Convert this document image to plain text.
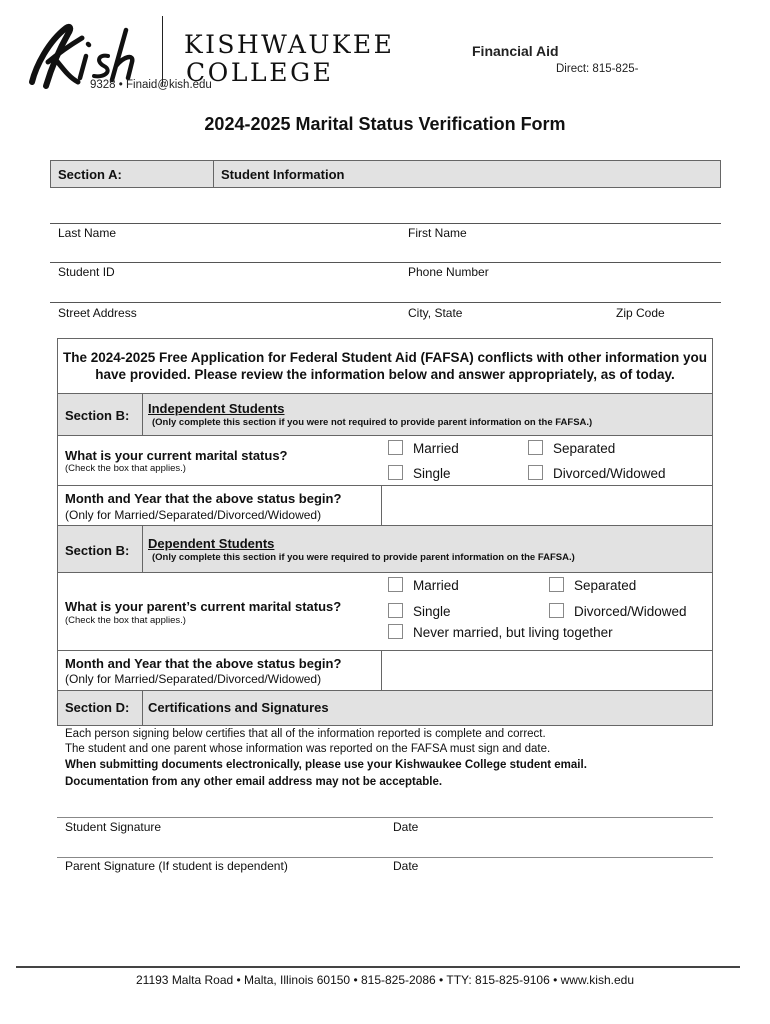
KISHWAUKEE
COLLEGE
Financial Aid
Direct: 815-825-
9328 • Finaid@kish.edu
2024-2025 Marital Status Verification Form
Section A:	Student Information
Last Name	First Name
Student ID	Phone Number
Street Address	City, State	Zip Code
The 2024-2025 Free Application for Federal Student Aid (FAFSA) conflicts with other information you have provided. Please review the information below and answer appropriately, as of today.
Section B: Independent Students
(Only complete this section if you were not required to provide parent information on the FAFSA.)
What is your current marital status?
(Check the box that applies.)
Married	Separated
Single	Divorced/Widowed
Month and Year that the above status begin?
(Only for Married/Separated/Divorced/Widowed)
Section B: Dependent Students
(Only complete this section if you were required to provide parent information on the FAFSA.)
What is your parent’s current marital status?
(Check the box that applies.)
Married	Separated
Single	Divorced/Widowed
Never married, but living together
Month and Year that the above status begin?
(Only for Married/Separated/Divorced/Widowed)
Section D: Certifications and Signatures
Each person signing below certifies that all of the information reported is complete and correct.
The student and one parent whose information was reported on the FAFSA must sign and date.
When submitting documents electronically, please use your Kishwaukee College student email.
Documentation from any other email address may not be acceptable.
Student Signature	Date
Parent Signature (If student is dependent)	Date
21193 Malta Road • Malta, Illinois 60150 • 815-825-2086 • TTY: 815-825-9106 • www.kish.edu
